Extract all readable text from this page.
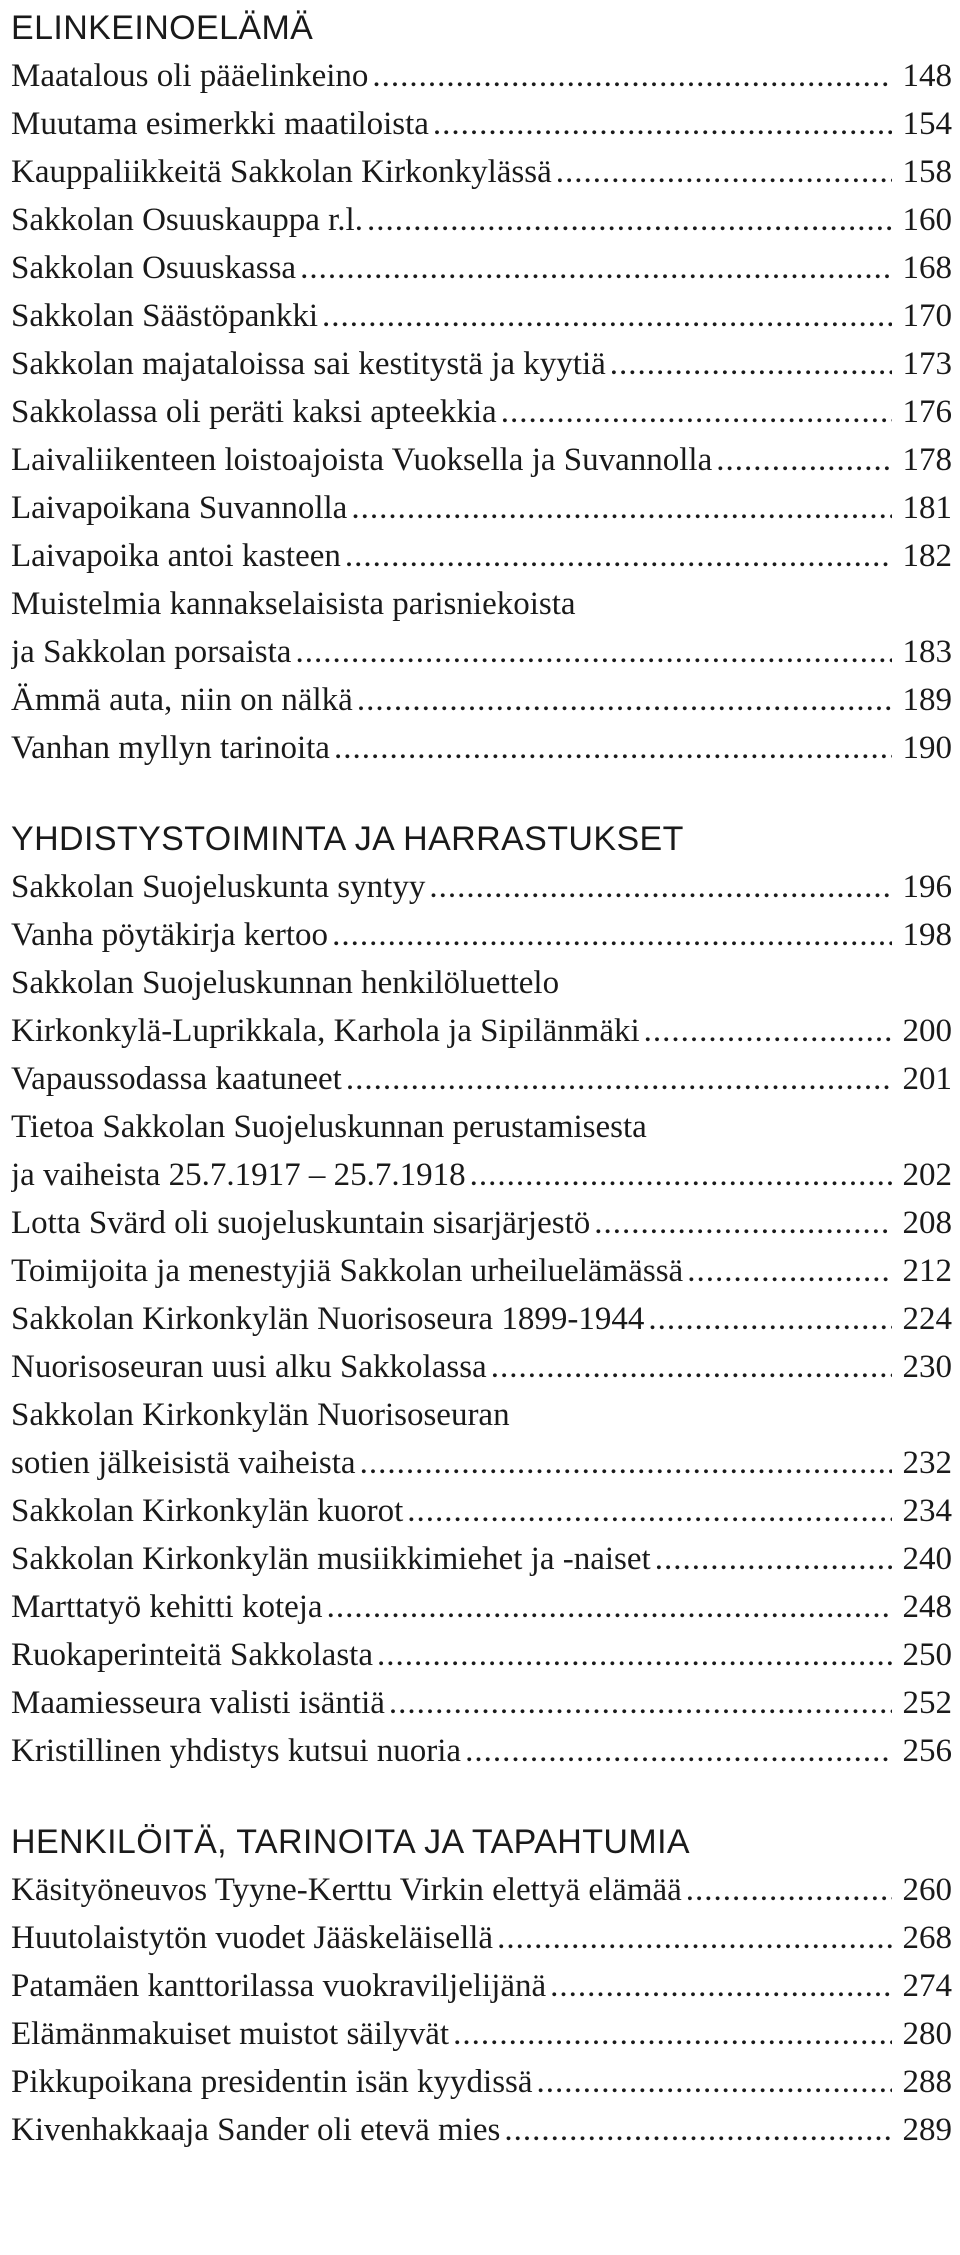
ELINKEINOELÄMÄ
Maatalous oli pääelinkeino .....	148
Muutama esimerkki maatiloista .....	154
Kauppaliikkeitä Sakkolan Kirkonkylässä .....	158
Sakkolan Osuuskauppa r.l. .....	160
Sakkolan Osuuskassa .....	168
Sakkolan Säästöpankki .....	170
Sakkolan majataloissa sai kestitystä ja kyytiä .....	173
Sakkolassa oli peräti kaksi apteekkia .....	176
Laivaliikenteen loistoajoista Vuoksella ja Suvannolla .....	178
Laivapoikana Suvannolla .....	181
Laivapoika antoi kasteen .....	182
Muistelmia kannakselaisista parisniekoista
ja Sakkolan porsaista .....	183
Ämmä auta, niin on nälkä .....	189
Vanhan myllyn tarinoita .....	190
YHDISTYSTOIMINTA JA HARRASTUKSET
Sakkolan Suojeluskunta syntyy .....	196
Vanha pöytäkirja kertoo .....	198
Sakkolan Suojeluskunnan henkilöluettelo
Kirkonkylä-Luprikkala, Karhola ja Sipilänmäki .....	200
Vapaussodassa kaatuneet .....	201
Tietoa Sakkolan Suojeluskunnan perustamisesta
ja vaiheista 25.7.1917 – 25.7.1918 .....	202
Lotta Svärd oli suojeluskuntain sisarjärjestö .....	208
Toimijoita ja menestyjiä Sakkolan urheiluelämässä .....	212
Sakkolan Kirkonkylän Nuorisoseura 1899-1944 .....	224
Nuorisoseuran uusi alku Sakkolassa .....	230
Sakkolan Kirkonkylän Nuorisoseuran
sotien jälkeisistä vaiheista .....	232
Sakkolan Kirkonkylän kuorot .....	234
Sakkolan Kirkonkylän musiikkimiehet ja -naiset .....	240
Marttatyö kehitti koteja .....	248
Ruokaperinteitä Sakkolasta .....	250
Maamiesseura valisti isäntiä .....	252
Kristillinen yhdistys kutsui nuoria .....	256
HENKILÖITÄ, TARINOITA JA TAPAHTUMIA
Käsityöneuvos Tyyne-Kerttu Virkin elettyä elämää .....	260
Huutolaistytön vuodet Jääskeläisellä .....	268
Patamäen kanttorilassa vuokraviljelijänä .....	274
Elämänmakuiset muistot säilyvät .....	280
Pikkupoikana presidentin isän kyydissä .....	288
Kivenhakkaaja Sander oli etevä mies .....	289
